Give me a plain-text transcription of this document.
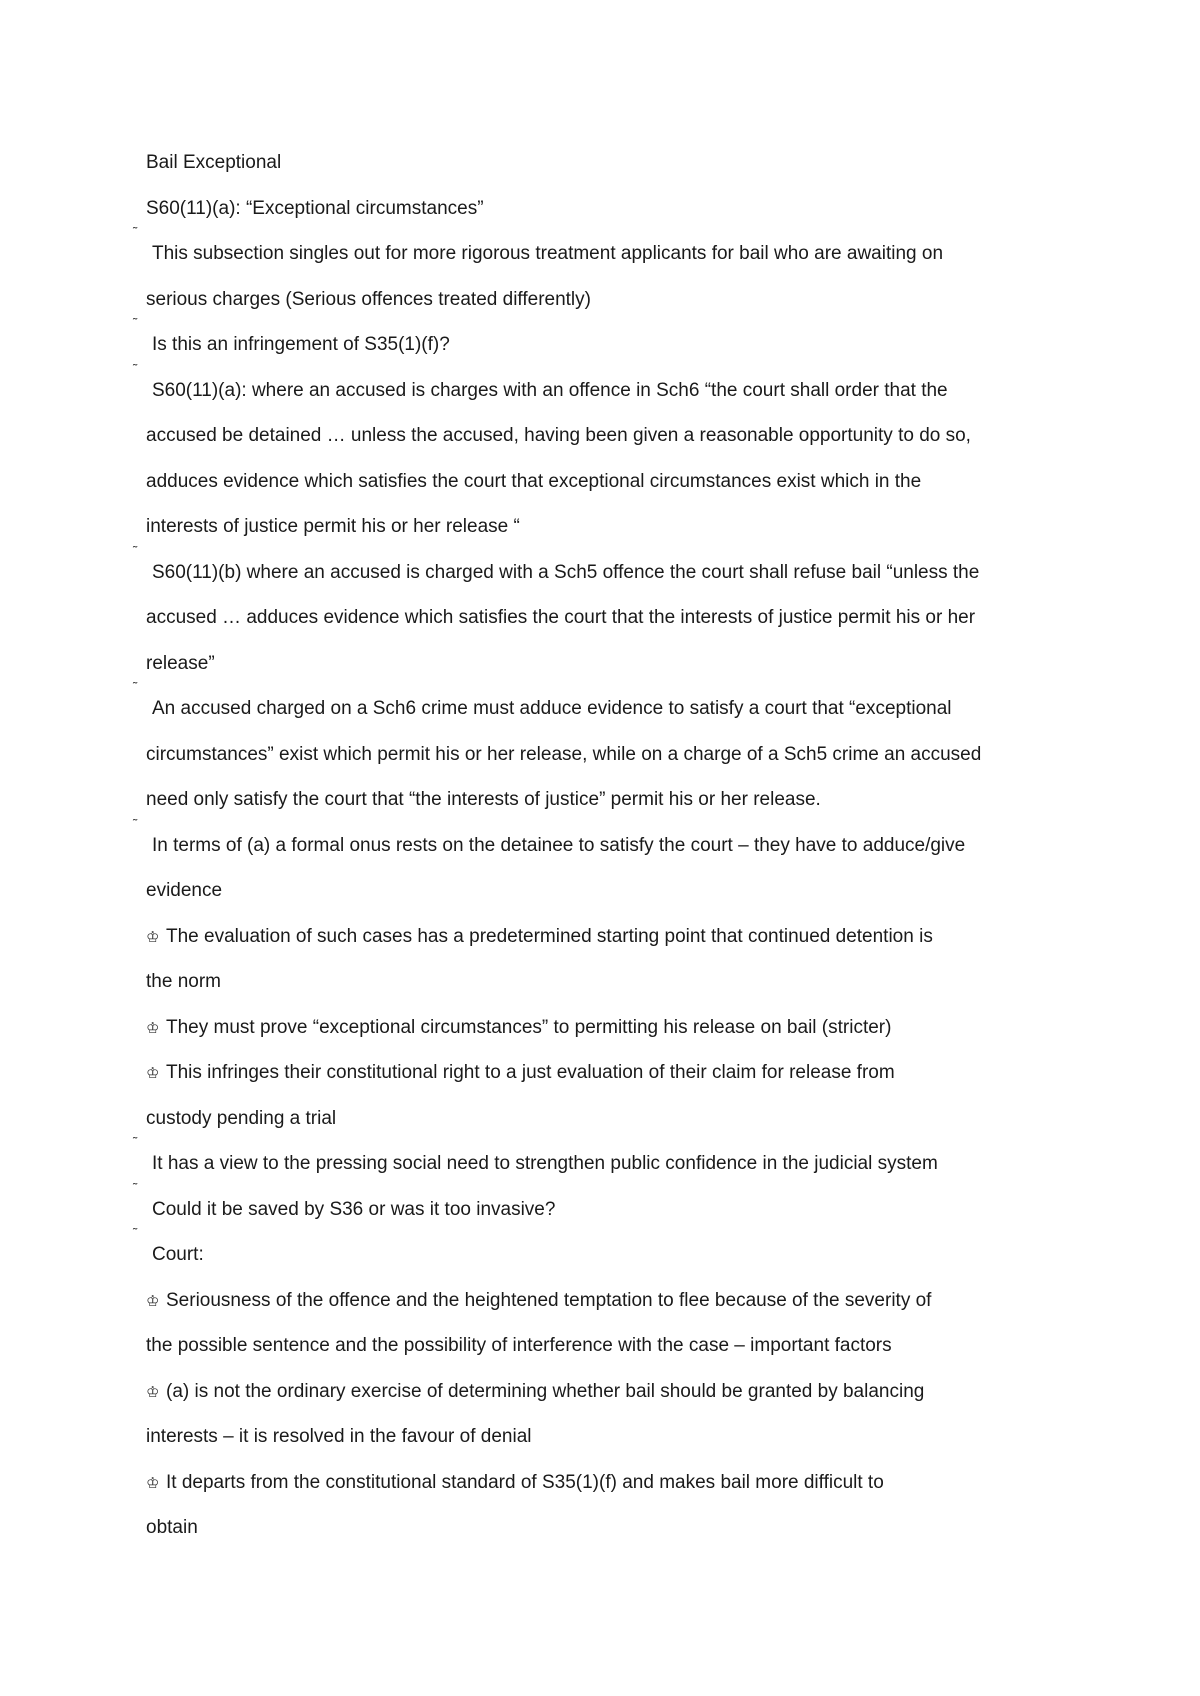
Bail Exceptional
S60(11)(a): “Exceptional circumstances”
˜
This subsection singles out for more rigorous treatment applicants for bail who are awaiting on
serious charges (Serious offences treated differently)
˜
Is this an infringement of S35(1)(f)?
˜
S60(11)(a): where an accused is charges with an offence in Sch6 “the court shall order that the
accused be detained … unless the accused, having been given a reasonable opportunity to do so,
adduces evidence which satisfies the court that exceptional circumstances exist which in the
interests of justice permit his or her release “
˜
S60(11)(b) where an accused is charged with a Sch5 offence the court shall refuse bail “unless the
accused … adduces evidence which satisfies the court that the interests of justice permit his or her
release”
˜
An accused charged on a Sch6 crime must adduce evidence to satisfy a court that “exceptional
circumstances” exist which permit his or her release, while on a charge of a Sch5 crime an accused
need only satisfy the court that “the interests of justice” permit his or her release.
˜
In terms of (a) a formal onus rests on the detainee to satisfy the court – they have to adduce/give
evidence
♔ The evaluation of such cases has a predetermined starting point that continued detention is
the norm
♔ They must prove “exceptional circumstances” to permitting his release on bail (stricter)
♔ This infringes their constitutional right to a just evaluation of their claim for release from
custody pending a trial
˜
It has a view to the pressing social need to strengthen public confidence in the judicial system
˜
Could it be saved by S36 or was it too invasive?
˜
Court:
♔ Seriousness of the offence and the heightened temptation to flee because of the severity of
the possible sentence and the possibility of interference with the case – important factors
♔ (a) is not the ordinary exercise of determining whether bail should be granted by balancing
interests – it is resolved in the favour of denial
♔ It departs from the constitutional standard of S35(1)(f) and makes bail more difficult to
obtain
